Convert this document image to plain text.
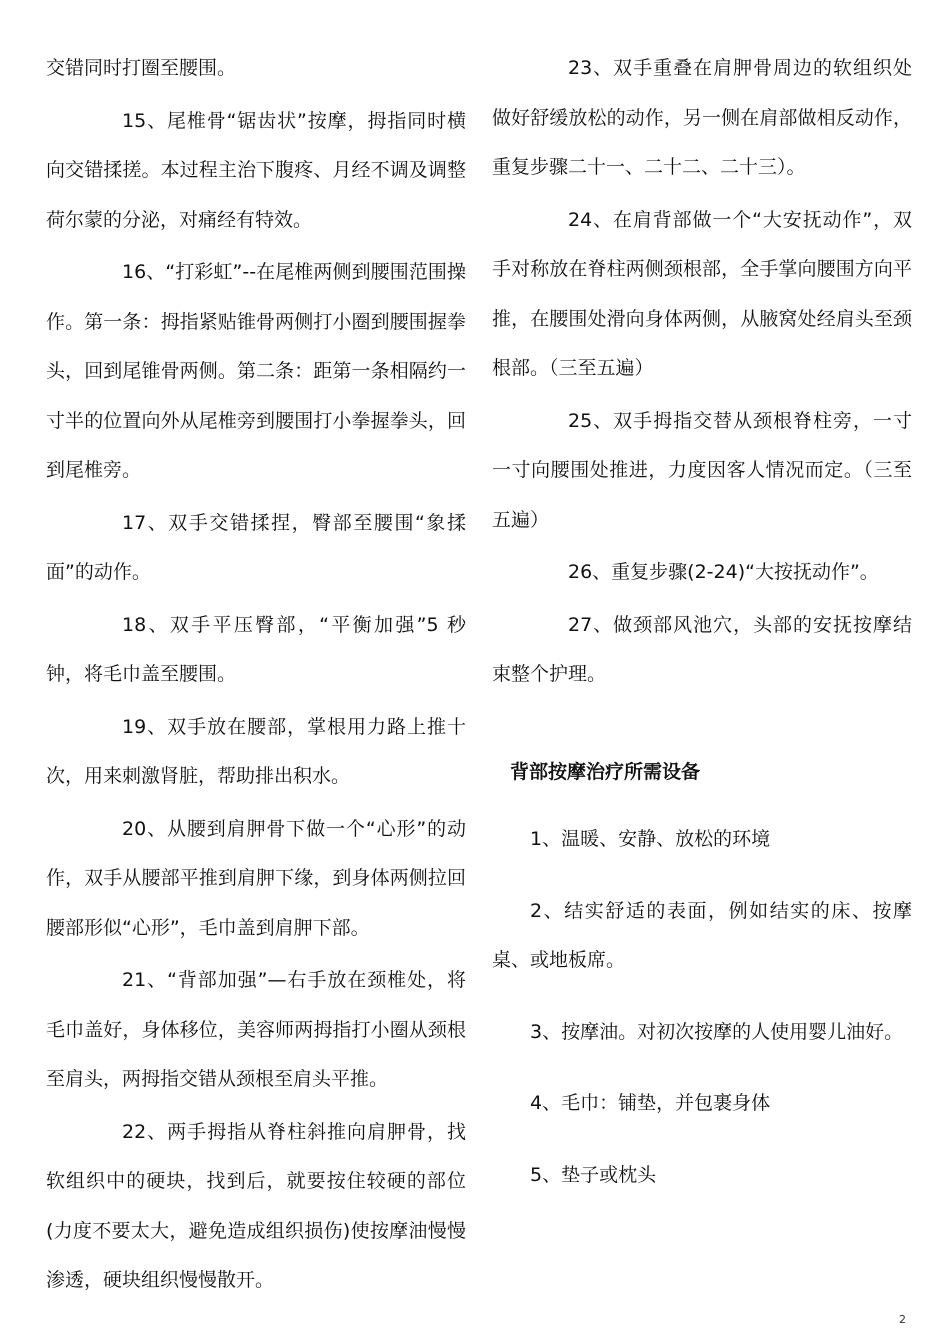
交错同时打圈至腰围。

15、尾椎骨“锯齿状”按摩，拇指同时横向交错揉搓。本过程主治下腹疼、月经不调及调整荷尔蒙的分泌，对痛经有特效。

16、“打彩虹”--在尾椎两侧到腰围范围操作。第一条：拇指紧贴锥骨两侧打小圈到腰围握拳头，回到尾锥骨两侧。第二条：距第一条相隔约一寸半的位置向外从尾椎旁到腰围打小拳握拳头，回到尾椎旁。

17、双手交错揉捏，臀部至腰围“象揉面”的动作。

18、双手平压臀部，“平衡加强”5 秒钟，将毛巾盖至腰围。

19、双手放在腰部，掌根用力路上推十次，用来刺激肾脏，帮助排出积水。

20、从腰到肩胛骨下做一个“心形”的动作，双手从腰部平推到肩胛下缘，到身体两侧拉回腰部形似“心形”，毛巾盖到肩胛下部。

21、“背部加强”—右手放在颈椎处，将毛巾盖好，身体移位，美容师两拇指打小圈从颈根至肩头，两拇指交错从颈根至肩头平推。

22、两手拇指从脊柱斜推向肩胛骨，找软组织中的硬块，找到后，就要按住较硬的部位(力度不要太大，避免造成组织损伤)使按摩油慢慢渗透，硬块组织慢慢散开。

23、双手重叠在肩胛骨周边的软组织处做好舒缓放松的动作，另一侧在肩部做相反动作，重复步骤二十一、二十二、二十三）。

24、在肩背部做一个“大安抚动作”，双手对称放在脊柱两侧颈根部，全手掌向腰围方向平推，在腰围处滑向身体两侧，从腋窝处经肩头至颈根部。（三至五遍）

25、双手拇指交替从颈根脊柱旁，一寸一寸向腰围处推进，力度因客人情况而定。（三至五遍）

26、重复步骤(2-24)“大按抚动作”。

27、做颈部风池穴，头部的安抚按摩结束整个护理。

背部按摩治疗所需设备

1、温暖、安静、放松的环境

2、结实舒适的表面，例如结实的床、按摩桌、或地板席。

3、按摩油。对初次按摩的人使用婴儿油好。

4、毛巾：铺垫，并包裹身体

5、垫子或枕头

2
